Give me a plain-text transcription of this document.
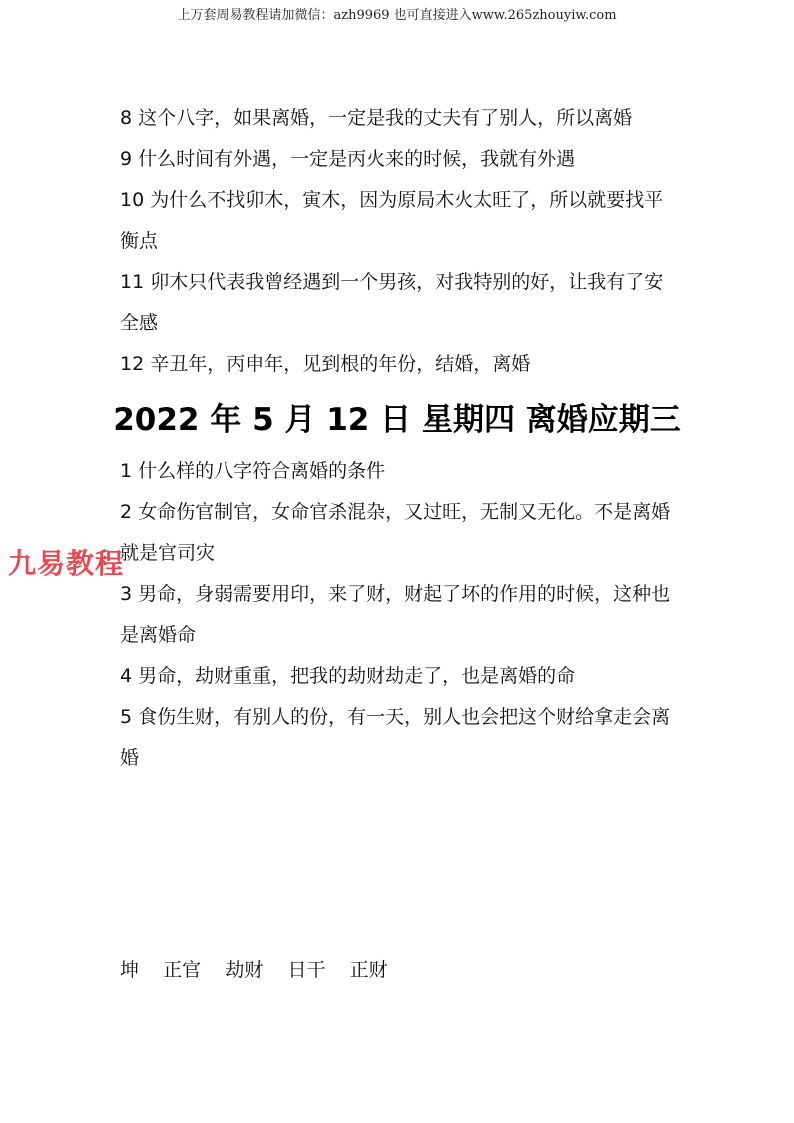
上万套周易教程请加微信：azh9969 也可直接进入www.265zhouyiw.com

8 这个八字，如果离婚，一定是我的丈夫有了别人，所以离婚

9 什么时间有外遇，一定是丙火来的时候，我就有外遇

10 为什么不找卯木，寅木，因为原局木火太旺了，所以就要找平衡点

11 卯木只代表我曾经遇到一个男孩，对我特别的好，让我有了安全感

12 辛丑年，丙申年，见到根的年份，结婚，离婚

2022 年 5 月 12 日 星期四 离婚应期三

1 什么样的八字符合离婚的条件

2 女命伤官制官，女命官杀混杂，又过旺，无制又无化。不是离婚就是官司灾

3 男命，身弱需要用印，来了财，财起了坏的作用的时候，这种也是离婚命

4 男命，劫财重重，把我的劫财劫走了，也是离婚的命

5 食伤生财，有别人的份，有一天，别人也会把这个财给拿走会离婚

九易教程
坤    正官    劫财    日干    正财
